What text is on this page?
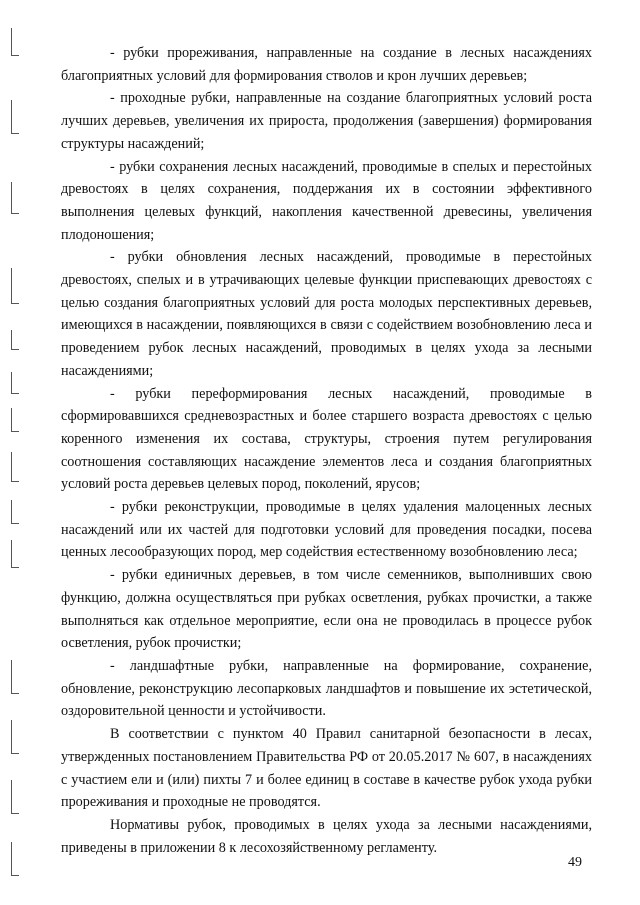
- рубки прореживания, направленные на создание в лесных насаждениях благоприятных условий для формирования стволов и крон лучших деревьев;

- проходные рубки, направленные на создание благоприятных условий роста лучших деревьев, увеличения их прироста, продолжения (завершения) формирования структуры насаждений;

- рубки сохранения лесных насаждений, проводимые в спелых и перестойных древостоях в целях сохранения, поддержания их в состоянии эффективного выполнения целевых функций, накопления качественной древесины, увеличения плодоношения;

- рубки обновления лесных насаждений, проводимые в перестойных древостоях, спелых и в утрачивающих целевые функции приспевающих древостоях с целью создания благоприятных условий для роста молодых перспективных деревьев, имеющихся в насаждении, появляющихся в связи с содействием возобновлению леса и проведением рубок лесных насаждений, проводимых в целях ухода за лесными насаждениями;

- рубки переформирования лесных насаждений, проводимые в сформировавшихся средневозрастных и более старшего возраста древостоях с целью коренного изменения их состава, структуры, строения путем регулирования соотношения составляющих насаждение элементов леса и создания благоприятных условий роста деревьев целевых пород, поколений, ярусов;

- рубки реконструкции, проводимые в целях удаления малоценных лесных насаждений или их частей для подготовки условий для проведения посадки, посева ценных лесообразующих пород, мер содействия естественному возобновлению леса;

- рубки единичных деревьев, в том числе семенников, выполнивших свою функцию, должна осуществляться при рубках осветления, рубках прочистки, а также выполняться как отдельное мероприятие, если она не проводилась в процессе рубок осветления, рубок прочистки;

- ландшафтные рубки, направленные на формирование, сохранение, обновление, реконструкцию лесопарковых ландшафтов и повышение их эстетической, оздоровительной ценности и устойчивости.

В соответствии с пунктом 40 Правил санитарной безопасности в лесах, утвержденных постановлением Правительства РФ от 20.05.2017 № 607, в насаждениях с участием ели и (или) пихты 7 и более единиц в составе в качестве рубок ухода рубки прореживания и проходные не проводятся.

Нормативы рубок, проводимых в целях ухода за лесными насаждениями, приведены в приложении 8 к лесохозяйственному регламенту.

49
